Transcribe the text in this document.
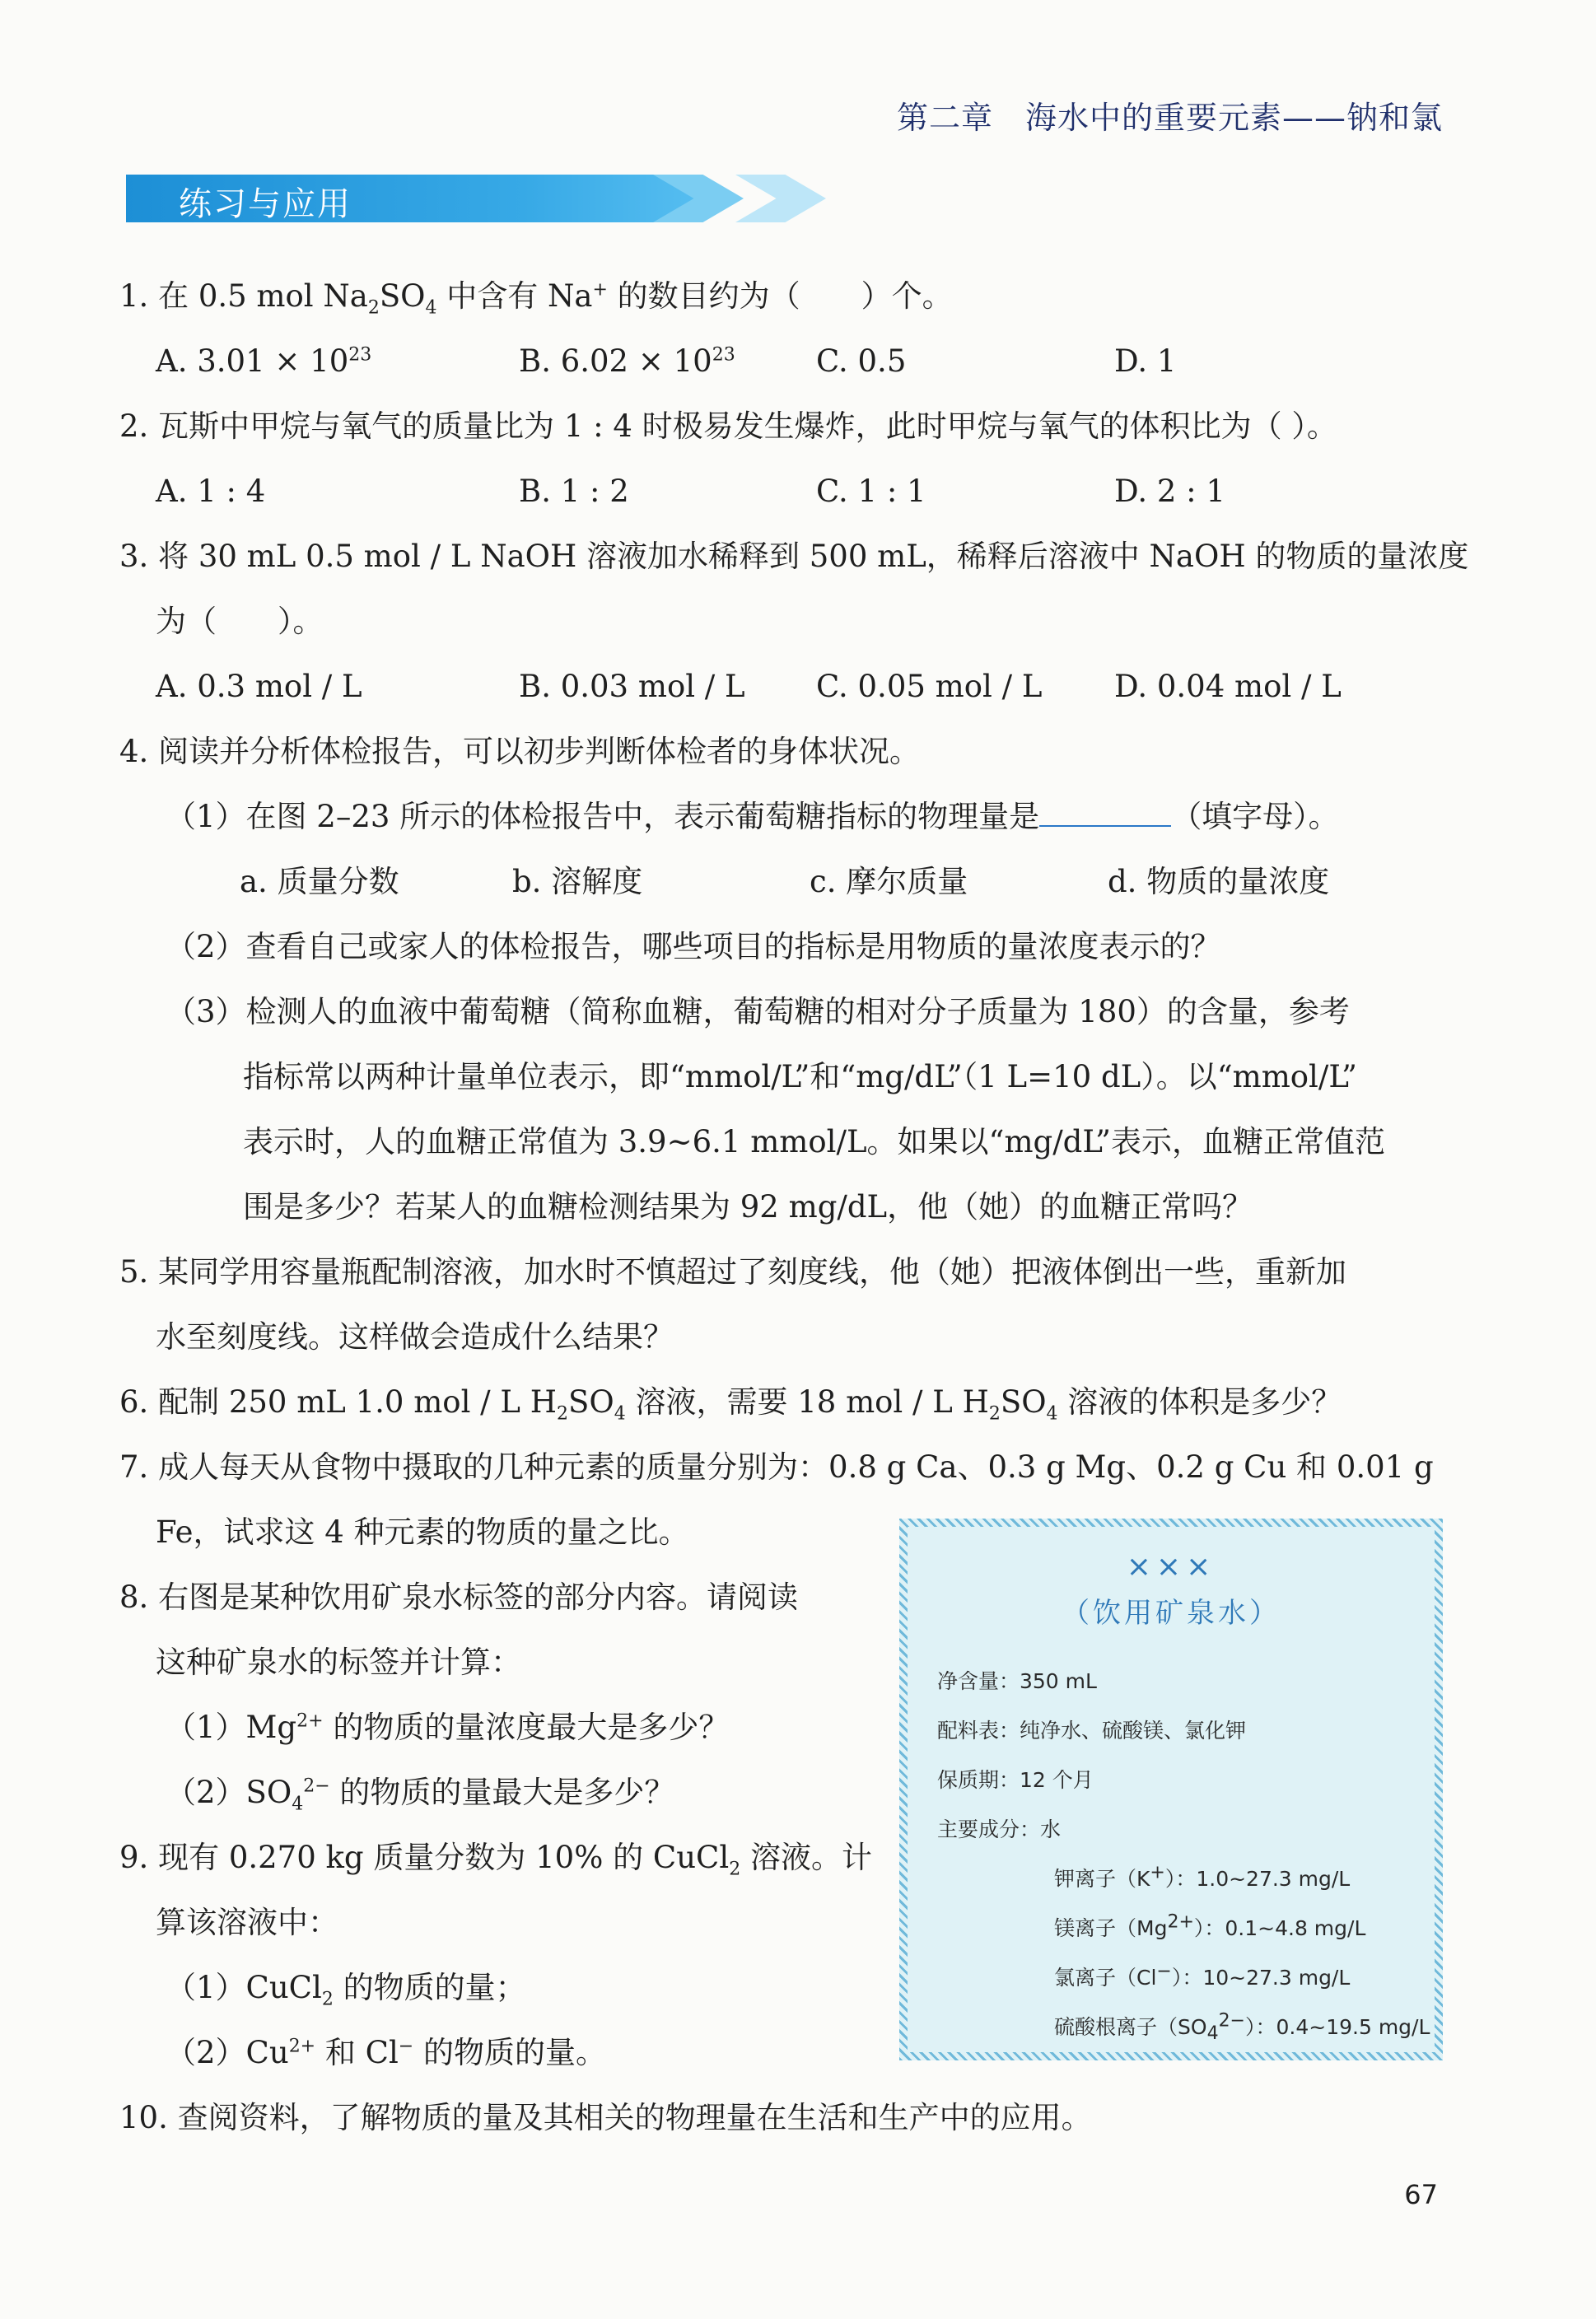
第二章　海水中的重要元素——钠和氯
练习与应用
1. 在 0.5 mol $Na_2SO_4$ 中含有 Na+ 的数目约为（　　）个。
A. $3.01 \times 10^{23}$	B. $6.02 \times 10^{23}$	C. 0.5	D. 1
2. 瓦斯中甲烷与氧气的质量比为 1 : 4 时极易发生爆炸，此时甲烷与氧气的体积比为（ ）。
A. 1 : 4	B. 1 : 2	C. 1 : 1	D. 2 : 1
3. 将 30 mL 0.5 mol / L NaOH 溶液加水稀释到 500 mL，稀释后溶液中 NaOH 的物质的量浓度
为（　　）。
A. 0.3 mol / L	B. 0.03 mol / L	C. 0.05 mol / L	D. 0.04 mol / L
4. 阅读并分析体检报告，可以初步判断体检者的身体状况。
（1）在图 2–23 所示的体检报告中，表示葡萄糖指标的物理量是	（填字母）。
a. 质量分数	b. 溶解度	c. 摩尔质量	d. 物质的量浓度
（2）查看自己或家人的体检报告，哪些项目的指标是用物质的量浓度表示的？
（3）检测人的血液中葡萄糖（简称血糖，葡萄糖的相对分子质量为 180）的含量，参考
指标常以两种计量单位表示，即“mmol/L”和“mg/dL”（1 L=10 dL）。以“mmol/L”
表示时，人的血糖正常值为 3.9~6.1 mmol/L。如果以“mg/dL”表示，血糖正常值范
围是多少？若某人的血糖检测结果为 92 mg/dL，他（她）的血糖正常吗？
5. 某同学用容量瓶配制溶液，加水时不慎超过了刻度线，他（她）把液体倒出一些，重新加
水至刻度线。这样做会造成什么结果？
6. 配制 250 mL 1.0 mol / L $H_2SO_4$ 溶液，需要 18 mol / L $H_2SO_4$ 溶液的体积是多少？
7. 成人每天从食物中摄取的几种元素的质量分别为：0.8 g Ca、0.3 g Mg、0.2 g Cu 和 0.01 g
Fe，试求这 4 种元素的物质的量之比。
8. 右图是某种饮用矿泉水标签的部分内容。请阅读
这种矿泉水的标签并计算：
$(1)Mg^{2+}$ 的物质的量浓度最大是多少？
$(2)SO_4^{2-}$ 的物质的量最大是多少？
9. 现有 0.270 kg 质量分数为 10% 的 CuCl$_2$ 溶液。计
算该溶液中：
（1）CuCl$_2$ 的物质的量；
$(2)Cu^{2+}$ 和 Cl− 的物质的量。
10. 查阅资料，了解物质的量及其相关的物理量在生活和生产中的应用。
×××
（饮用矿泉水）
净含量：350 mL
配料表：纯净水、硫酸镁、氯化钾
保质期：12 个月
主要成分：水
钾离子（K+）：1.0~27.3 mg/L
镁离子$(Mg^{2+})$：0.1~4.8 mg/L
氯离子（Cl−）：10~27.3 mg/L
硫酸根离子$(SO_4^{2-})$：0.4~19.5 mg/L
67
